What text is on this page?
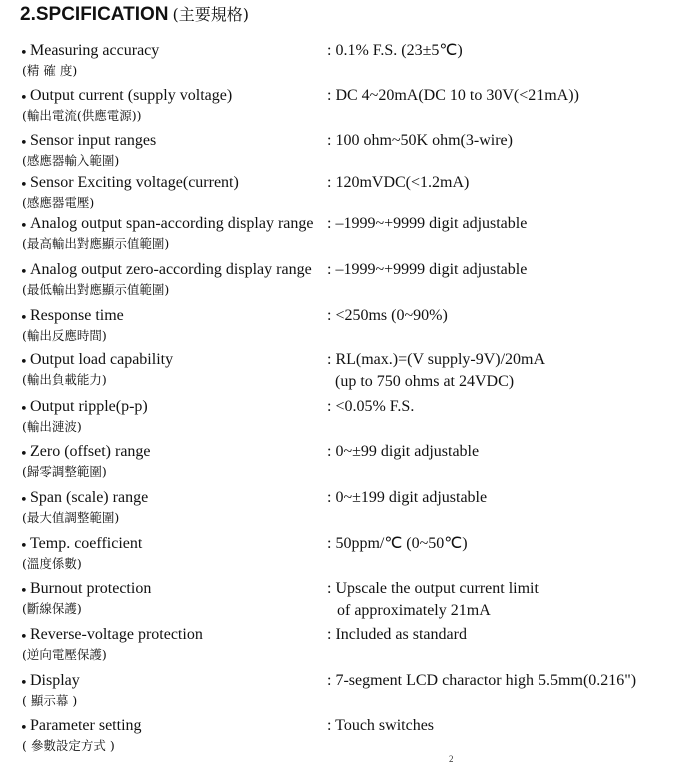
2.SPCIFICATION (主要規格)
• Measuring accuracy
(精 確 度)
: 0.1% F.S. (23±5℃)
• Output current (supply voltage)
(輸出電流(供應電源))
: DC 4~20mA(DC 10 to 30V(<21mA))
• Sensor input ranges
(感應器輸入範圍)
: 100 ohm~50K ohm(3-wire)
• Sensor Exciting voltage(current)
(感應器電壓)
: 120mVDC(<1.2mA)
• Analog output span-according display range
(最高輸出對應顯示值範圍)
: –1999~+9999 digit adjustable
• Analog output zero-according display range
(最低輸出對應顯示值範圍)
: –1999~+9999 digit adjustable
• Response time
(輸出反應時間)
: <250ms (0~90%)
• Output load capability
(輸出負載能力)
: RL(max.)=(V supply-9V)/20mA
(up to 750 ohms at 24VDC)
• Output ripple(p-p)
(輸出漣波)
: <0.05% F.S.
• Zero (offset) range
(歸零調整範圍)
: 0~±99 digit adjustable
• Span (scale) range
(最大值調整範圍)
: 0~±199 digit adjustable
• Temp. coefficient
(溫度係數)
: 50ppm/℃ (0~50℃)
• Burnout protection
(斷線保護)
: Upscale the output current limit
of approximately 21mA
• Reverse-voltage protection
(逆向電壓保護)
: Included as standard
• Display
( 顯示幕 )
: 7-segment LCD charactor high 5.5mm(0.216")
• Parameter setting
( 參數設定方式 )
: Touch switches
2
